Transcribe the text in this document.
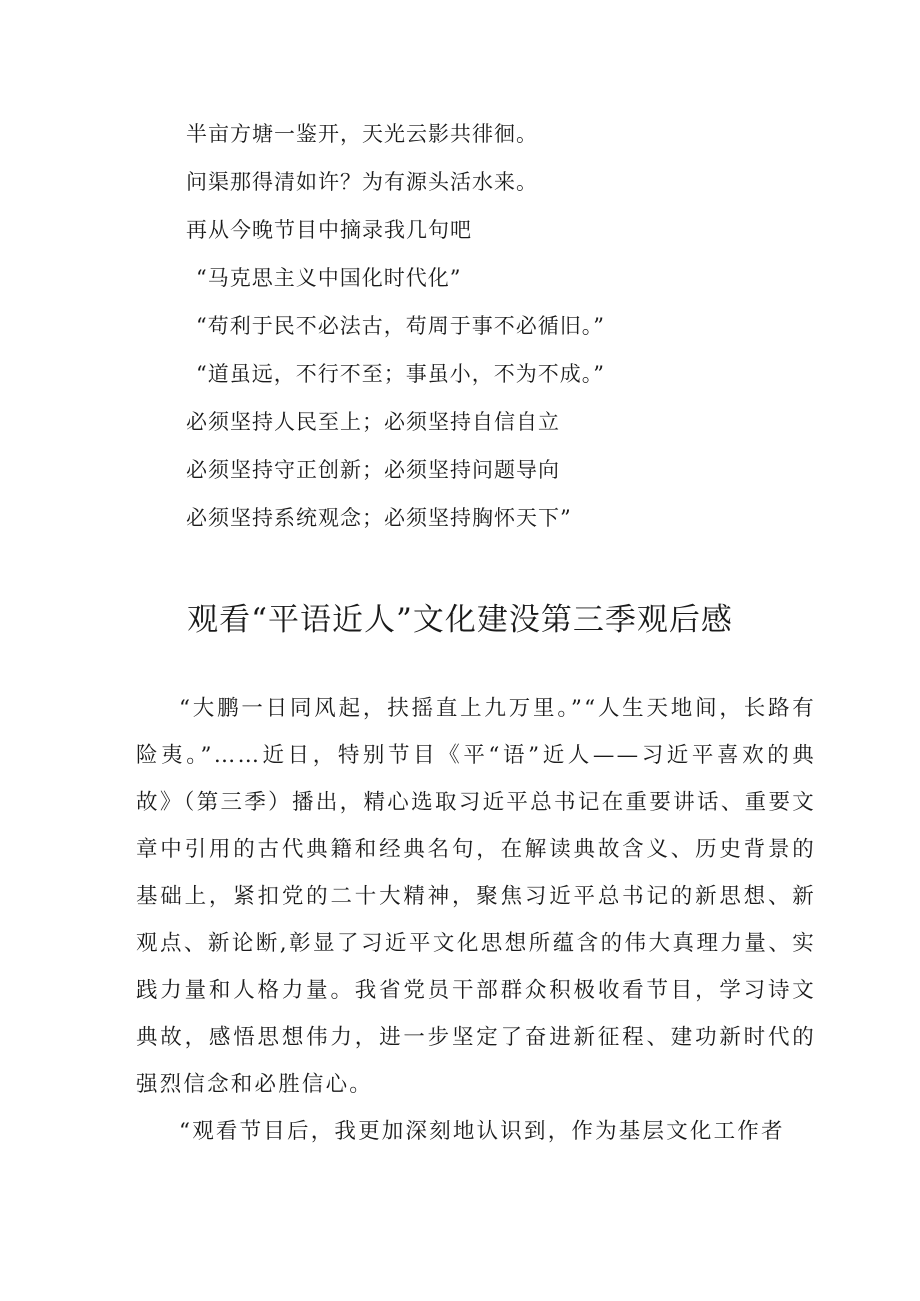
半亩方塘一鉴开，天光云影共徘徊。
问渠那得清如许？为有源头活水来。
再从今晚节目中摘录我几句吧
“马克思主义中国化时代化”
“苟利于民不必法古，苟周于事不必循旧。”
“道虽远，不行不至；事虽小，不为不成。”
必须坚持人民至上；必须坚持自信自立
必须坚持守正创新；必须坚持问题导向
必须坚持系统观念；必须坚持胸怀天下”
观看“平语近人”文化建没第三季观后感

“大鹏一日同风起，扶摇直上九万里。”“人生天地间，长路有险夷。”……近日，特别节目《平“语”近人——习近平喜欢的典故》（第三季）播出，精心选取习近平总书记在重要讲话、重要文章中引用的古代典籍和经典名句，在解读典故含义、历史背景的基础上，紧扣党的二十大精神，聚焦习近平总书记的新思想、新观点、新论断,彰显了习近平文化思想所蕴含的伟大真理力量、实践力量和人格力量。我省党员干部群众积极收看节目，学习诗文典故，感悟思想伟力，进一步坚定了奋进新征程、建功新时代的强烈信念和必胜信心。

“观看节目后，我更加深刻地认识到，作为基层文化工作者
